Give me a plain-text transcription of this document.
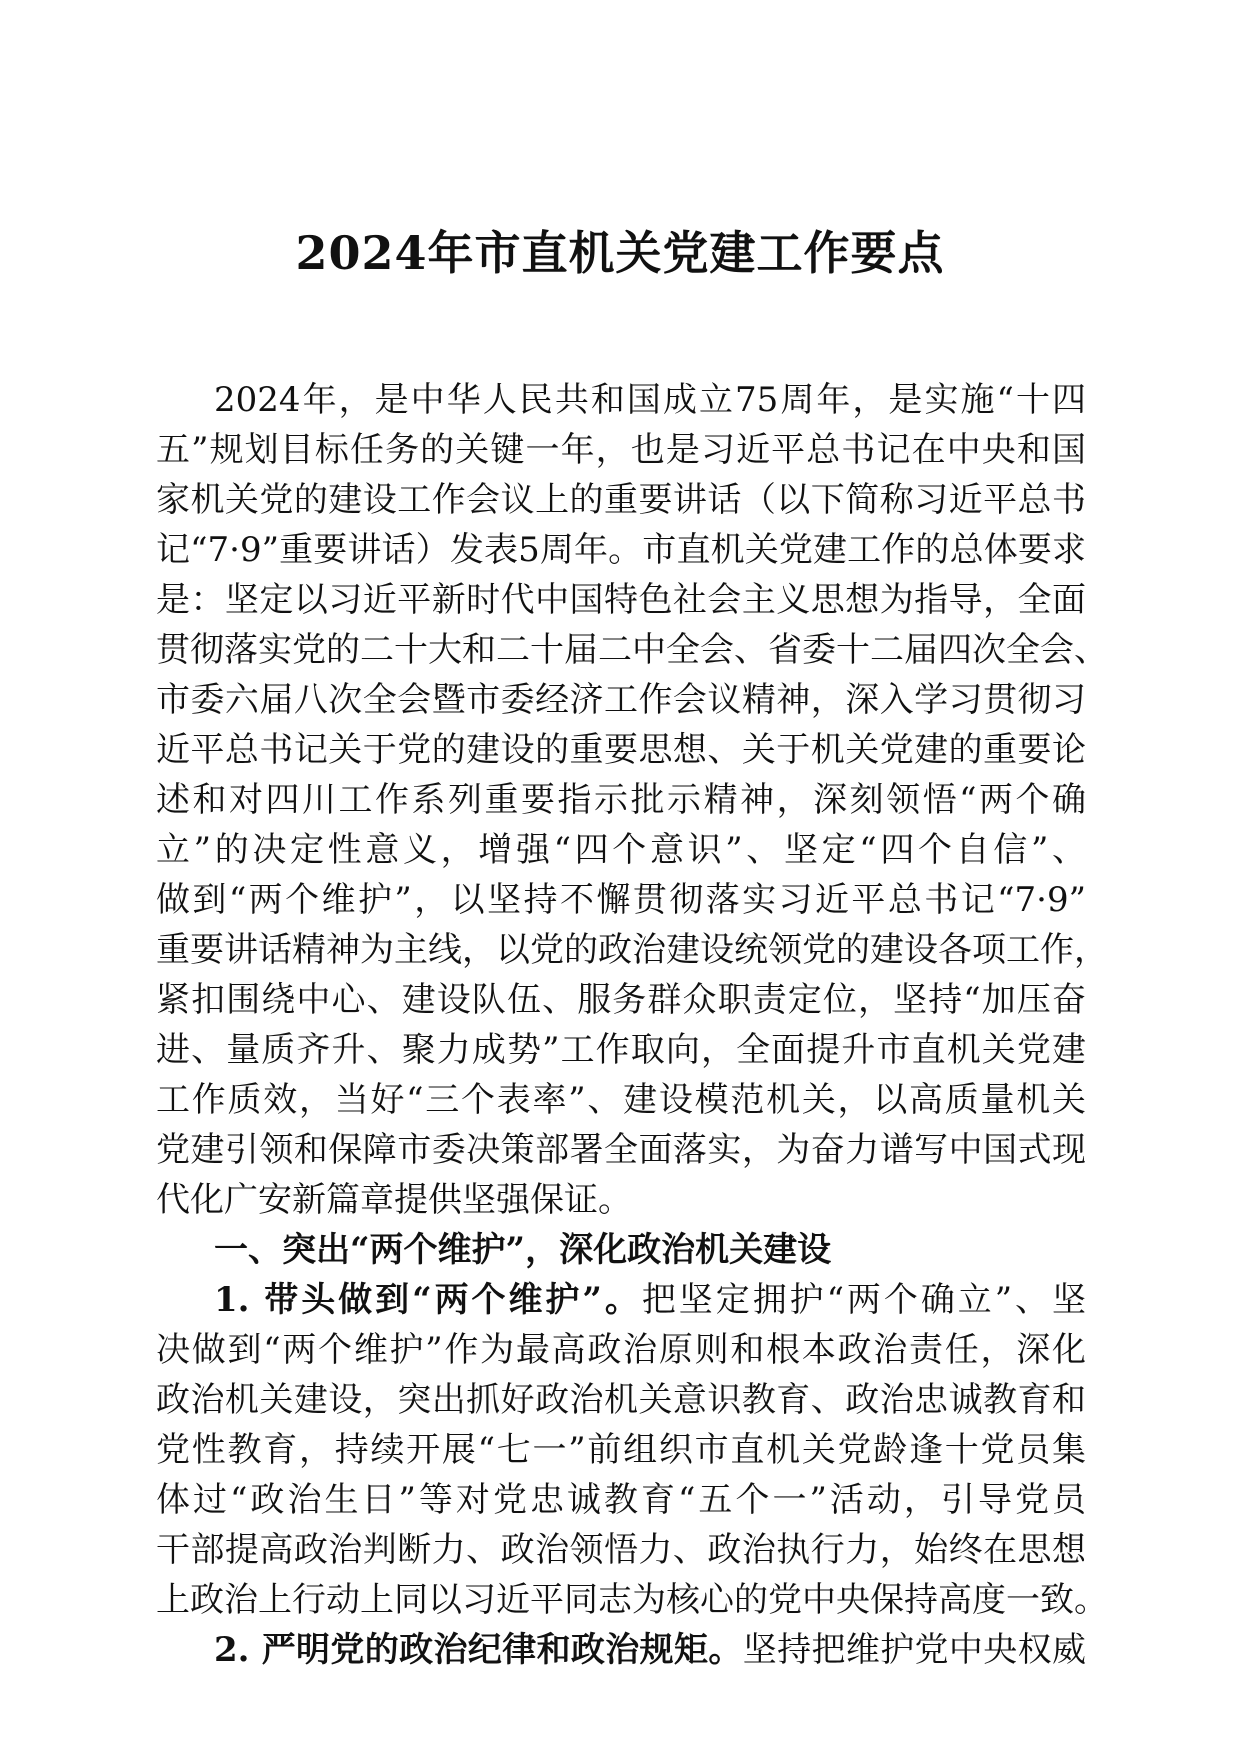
2024年市直机关党建工作要点

2024年，是中华人民共和国成立75周年，是实施“十四

五”规划目标任务的关键一年，也是习近平总书记在中央和国

家机关党的建设工作会议上的重要讲话（以下简称习近平总书

记“7·9”重要讲话）发表5周年。市直机关党建工作的总体要求

是：坚定以习近平新时代中国特色社会主义思想为指导，全面

贯彻落实党的二十大和二十届二中全会、省委十二届四次全会、

市委六届八次全会暨市委经济工作会议精神，深入学习贯彻习

近平总书记关于党的建设的重要思想、关于机关党建的重要论

述和对四川工作系列重要指示批示精神，深刻领悟“两个确

立”的决定性意义，增强“四个意识”、坚定“四个自信”、

做到“两个维护”，以坚持不懈贯彻落实习近平总书记“7·9”

重要讲话精神为主线，以党的政治建设统领党的建设各项工作，

紧扣围绕中心、建设队伍、服务群众职责定位，坚持“加压奋

进、量质齐升、聚力成势”工作取向，全面提升市直机关党建

工作质效，当好“三个表率”、建设模范机关，以高质量机关

党建引领和保障市委决策部署全面落实，为奋力谱写中国式现

代化广安新篇章提供坚强保证。

一、突出“两个维护”，深化政治机关建设

1. 带头做到“两个维护”。把坚定拥护“两个确立”、坚

决做到“两个维护”作为最高政治原则和根本政治责任，深化

政治机关建设，突出抓好政治机关意识教育、政治忠诚教育和

党性教育，持续开展“七一”前组织市直机关党龄逢十党员集

体过“政治生日”等对党忠诚教育“五个一”活动，引导党员

干部提高政治判断力、政治领悟力、政治执行力，始终在思想

上政治上行动上同以习近平同志为核心的党中央保持高度一致。

2. 严明党的政治纪律和政治规矩。坚持把维护党中央权威
